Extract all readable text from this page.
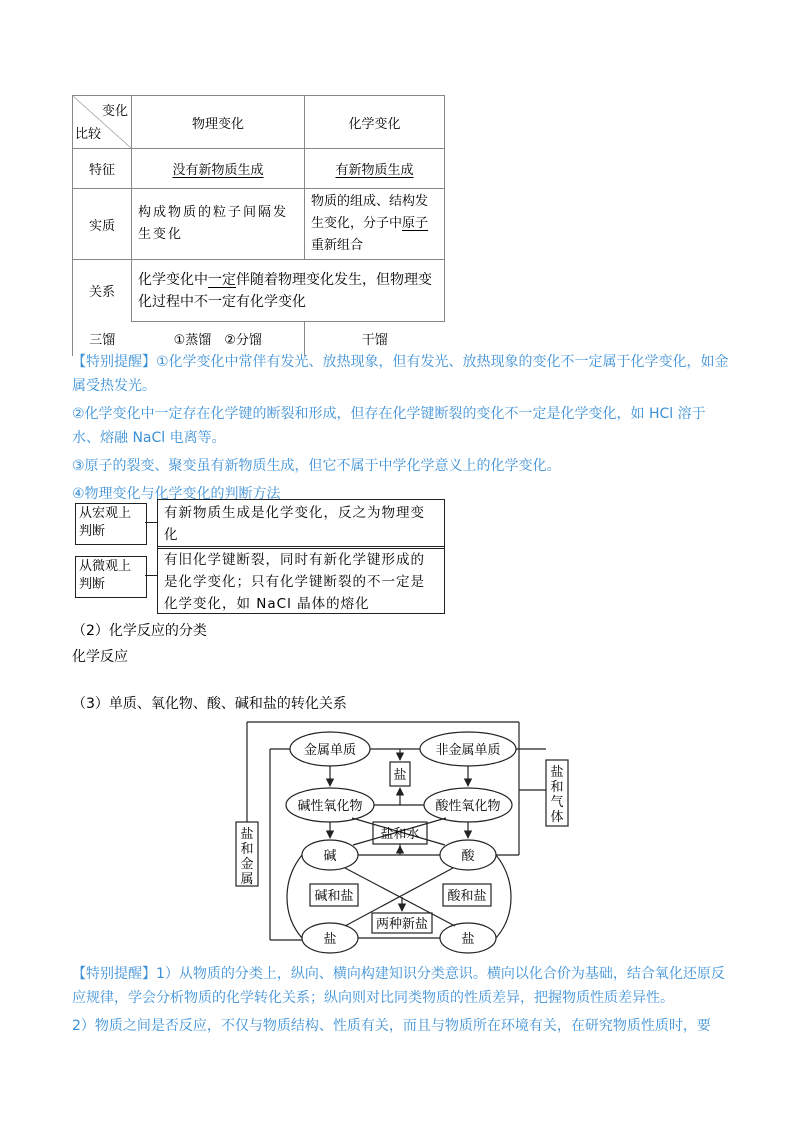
变化
比较	物理变化	化学变化
特征	没有新物质生成	有新物质生成
实质	构成物质的粒子间隔发生变化	物质的组成、结构发生变化，分子中原子重新组合
关系	化学变化中一定伴随着物理变化发生，但物理变化过程中不一定有化学变化	
三馏	①蒸馏　②分馏	干馏
【特别提醒】①化学变化中常伴有发光、放热现象，但有发光、放热现象的变化不一定属于化学变化，如金属受热发光。
②化学变化中一定存在化学键的断裂和形成，但存在化学键断裂的变化不一定是化学变化，如 HCl 溶于水、熔融 NaCl 电离等。
③原子的裂变、聚变虽有新物质生成，但它不属于中学化学意义上的化学变化。
④物理变化与化学变化的判断方法
从宏观上判断
有新物质生成是化学变化，反之为物理变化
从微观上判断
有旧化学键断裂，同时有新化学键形成的是化学变化；只有化学键断裂的不一定是化学变化，如 NaCl 晶体的熔化
（2）化学反应的分类
化学反应
（3）单质、氧化物、酸、碱和盐的转化关系
金属单质	非金属单质
盐
碱性氧化物	酸性氧化物
盐和水
碱	酸
碱和盐	酸和盐
两种新盐
盐	盐
盐
和
金
属
盐
和
气
体
【特别提醒】1）从物质的分类上，纵向、横向构建知识分类意识。横向以化合价为基础，结合氧化还原反应规律，学会分析物质的化学转化关系；纵向则对比同类物质的性质差异，把握物质性质差异性。
2）物质之间是否反应，不仅与物质结构、性质有关，而且与物质所在环境有关，在研究物质性质时，要
